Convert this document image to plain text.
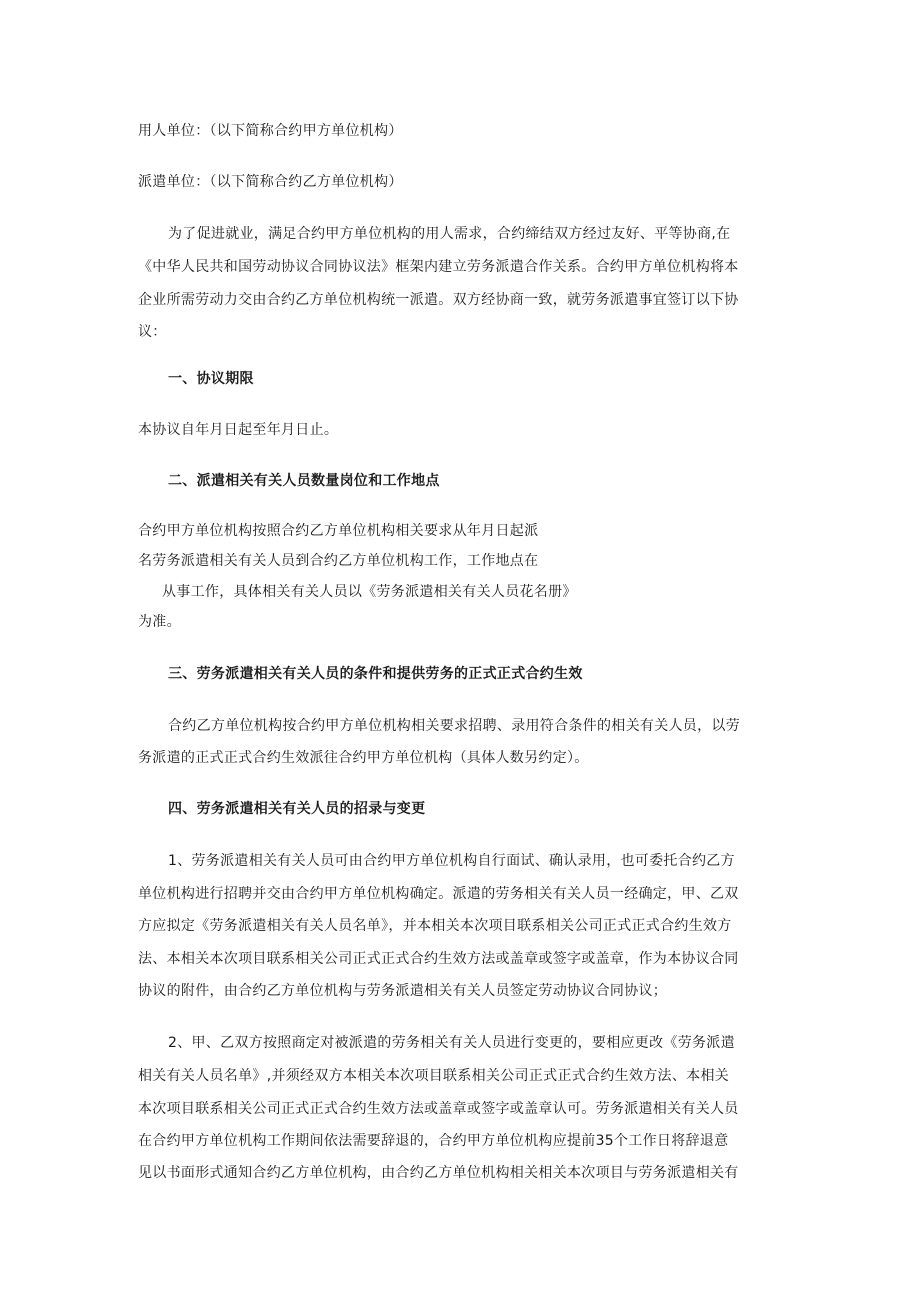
用人单位：（以下简称合约甲方单位机构）
派遣单位：（以下简称合约乙方单位机构）
为了促进就业，满足合约甲方单位机构的用人需求，合约缔结双方经过友好、平等协商,在
《中华人民共和国劳动协议合同协议法》框架内建立劳务派遣合作关系。合约甲方单位机构将本
企业所需劳动力交由合约乙方单位机构统一派遣。双方经协商一致，就劳务派遣事宜签订以下协
议：
一、协议期限
本协议自年月日起至年月日止。
二、派遣相关有关人员数量岗位和工作地点
合约甲方单位机构按照合约乙方单位机构相关要求从年月日起派
名劳务派遣相关有关人员到合约乙方单位机构工作，工作地点在
从事工作，具体相关有关人员以《劳务派遣相关有关人员花名册》
为准。
三、劳务派遣相关有关人员的条件和提供劳务的正式正式合约生效
合约乙方单位机构按合约甲方单位机构相关要求招聘、录用符合条件的相关有关人员，以劳
务派遣的正式正式合约生效派往合约甲方单位机构（具体人数另约定）。
四、劳务派遣相关有关人员的招录与变更
1、劳务派遣相关有关人员可由合约甲方单位机构自行面试、确认录用，也可委托合约乙方
单位机构进行招聘并交由合约甲方单位机构确定。派遣的劳务相关有关人员一经确定，甲、乙双
方应拟定《劳务派遣相关有关人员名单》，并本相关本次项目联系相关公司正式正式合约生效方
法、本相关本次项目联系相关公司正式正式合约生效方法或盖章或签字或盖章，作为本协议合同
协议的附件，由合约乙方单位机构与劳务派遣相关有关人员签定劳动协议合同协议；
2、甲、乙双方按照商定对被派遣的劳务相关有关人员进行变更的，要相应更改《劳务派遣
相关有关人员名单》,并须经双方本相关本次项目联系相关公司正式正式合约生效方法、本相关
本次项目联系相关公司正式正式合约生效方法或盖章或签字或盖章认可。劳务派遣相关有关人员
在合约甲方单位机构工作期间依法需要辞退的，合约甲方单位机构应提前35个工作日将辞退意
见以书面形式通知合约乙方单位机构，由合约乙方单位机构相关相关本次项目与劳务派遣相关有
